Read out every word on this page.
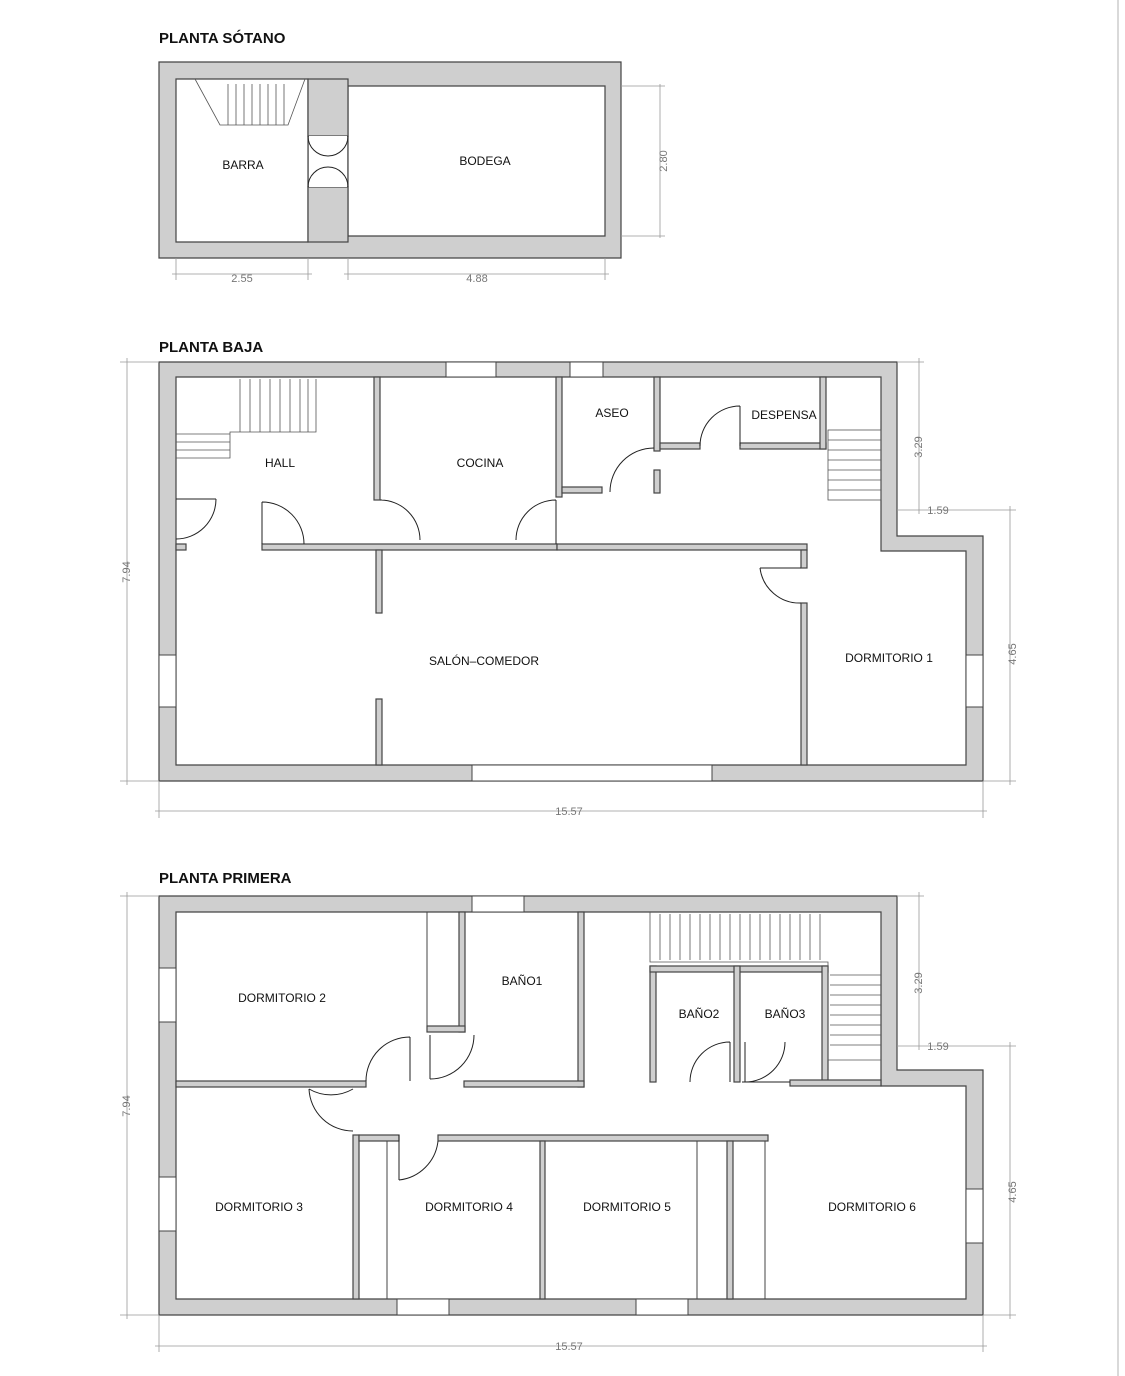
PLANTA SÓTANO
BARRA	BODEGA	2.80
2.55	4.88
PLANTA BAJA
HALL	COCINA
ASEO	DESPENSA
SALÓN–COMEDOR	DORMITORIO 1
7.94
3.29
1.59
4.65
15.57
PLANTA PRIMERA
DORMITORIO 2
BAÑO1
BAÑO2	BAÑO3
DORMITORIO 3	DORMITORIO 4	DORMITORIO 5	DORMITORIO 6
7.94
3.29
1.59
4.65
15.57
